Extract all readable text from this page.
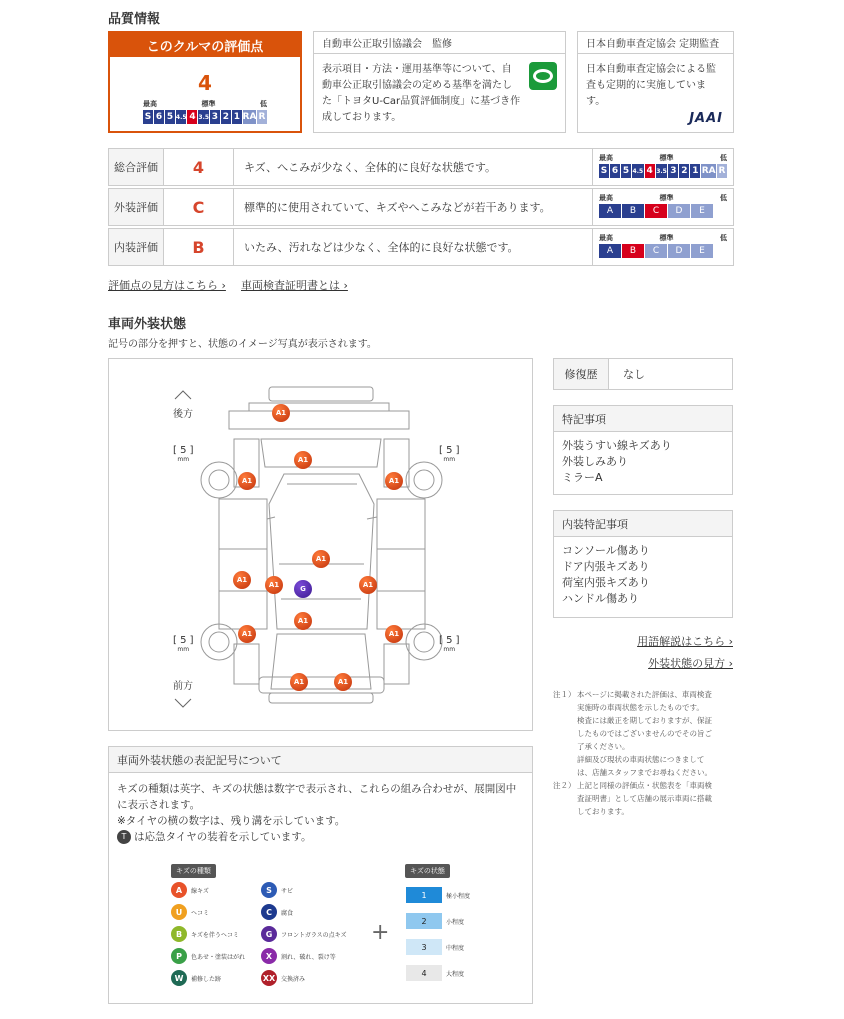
品質情報
このクルマの評価点
4
最高	標準	低
S 6 5 4.5 4 3.5 3 2 1 RA R
自動車公正取引協議会　監修
表示項目・方法・運用基準等について、自動車公正取引協議会の定める基準を満たした「トヨタU-Car品質評価制度」に基づき作成しております。
日本自動車査定協会 定期監査
日本自動車査定協会による監査も定期的に実施しています。
JAAI
総合評価	4	キズ、へこみが少なく、全体的に良好な状態です。
最高	標準	低
S 6 5 4.5 4 3.5 3 2 1 RA R
外装評価	C	標準的に使用されていて、キズやへこみなどが若干あります。
最高	標準	低
A	B	C	D	E
内装評価	B	いたみ、汚れなどは少なく、全体的に良好な状態です。
最高	標準	低
A	B	C	D	E
評価点の見方はこちら › 車両検査証明書とは ›
車両外装状態
記号の部分を押すと、状態のイメージ写真が表示されます。
後方
前方
[ 5 ]
mm
[ 5 ]
mm
[ 5 ]
mm
[ 5 ]
mm
A1
A1
A1	A1
A1
A1
A1	A1
A1	A1
A1
A1	A1
G
修復歴	なし
特記事項
外装うすい線キズあり
外装しみあり
ミラーA
内装特記事項
コンソール傷あり
ドア内張キズあり
荷室内張キズあり
ハンドル傷あり
用語解説はこちら ›
外装状態の見方 ›
注１） 本ページに掲載された評価は、車両検査
実施時の車両状態を示したものです。
検査には厳正を期しておりますが、保証
したものではございませんのでその旨ご
了承ください。
詳細及び現状の車両状態につきまして
は、店舗スタッフまでお尋ねください。
注２） 上記と同様の評価点・状態表を「車両検
査証明書」として店舗の展示車両に搭載
しております。
車両外装状態の表記記号について
キズの種類は英字、キズの状態は数字で表示され、これらの組み合わせが、展開図中
に表示されます。
※タイヤの横の数字は、残り溝を示しています。
T は応急タイヤの装着を示しています。
キズの種類	キズの状態
A	線キズ	S	サビ
U	ヘコミ	C	腐食
B	キズを伴うヘコミ	G	フロントガラスの点キズ
P	色あせ・塗装はがれ	X	割れ、破れ、裂け等
W	補修した跡	XX 交換済み
+
1	極小程度
2	小程度
3	中程度
4	大程度
